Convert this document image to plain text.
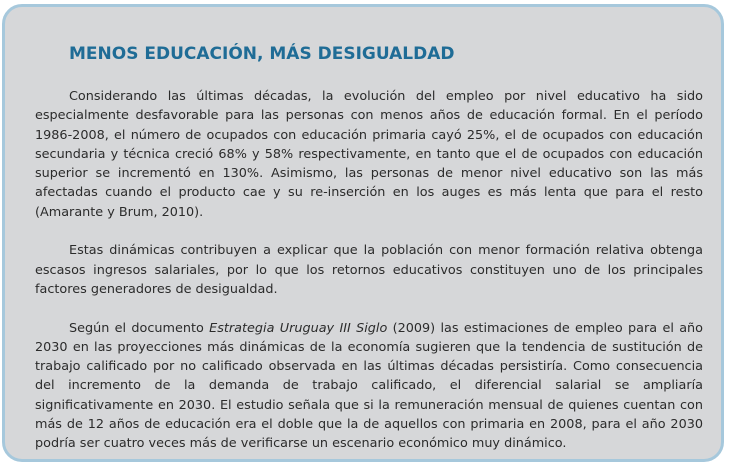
MENOS EDUCACIÓN, MÁS DESIGUALDAD

Considerando las últimas décadas, la evolución del empleo por nivel educativo ha sido especialmente desfavorable para las personas con menos años de educación formal. En el período 1986-2008, el número de ocupados con educación primaria cayó 25%, el de ocupados con educación secundaria y técnica creció 68% y 58% respectivamente, en tanto que el de ocupados con educación superior se incrementó en 130%. Asimismo, las personas de menor nivel educativo son las más afectadas cuando el producto cae y su re-inserción en los auges es más lenta que para el resto (Amarante y Brum, 2010).

Estas dinámicas contribuyen a explicar que la población con menor formación relativa obtenga escasos ingresos salariales, por lo que los retornos educativos constituyen uno de los principales factores generadores de desigualdad.

Según el documento Estrategia Uruguay III Siglo (2009) las estimaciones de empleo para el año 2030 en las proyecciones más dinámicas de la economía sugieren que la tendencia de sustitución de trabajo calificado por no calificado observada en las últimas décadas persistiría. Como consecuencia del incremento de la demanda de trabajo calificado, el diferencial salarial se ampliaría significativamente en 2030. El estudio señala que si la remuneración mensual de quienes cuentan con más de 12 años de educación era el doble que la de aquellos con primaria en 2008, para el año 2030 podría ser cuatro veces más de verificarse un escenario económico muy dinámico.
